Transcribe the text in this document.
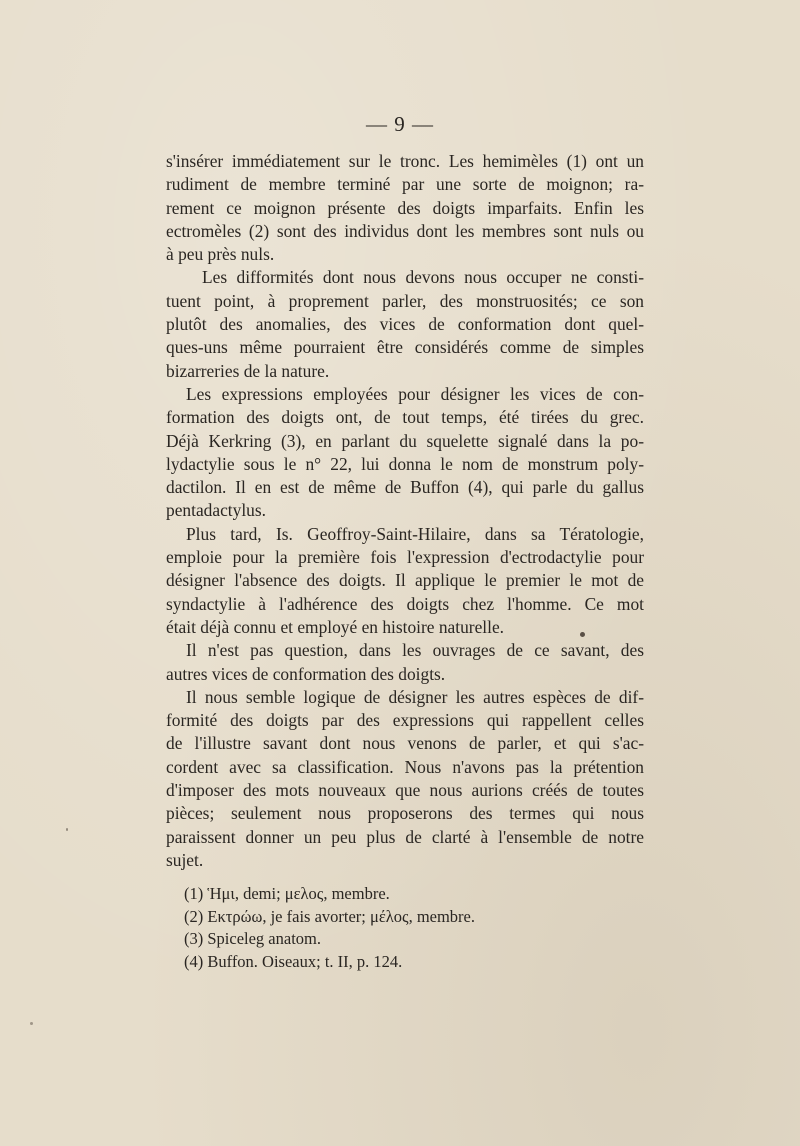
— 9 —
s'insérer immédiatement sur le tronc. Les hemimèles (1) ont un
rudiment de membre terminé par une sorte de moignon; ra-
rement ce moignon présente des doigts imparfaits. Enfin les
ectromèles (2) sont des individus dont les membres sont nuls ou
à peu près nuls.
Les difformités dont nous devons nous occuper ne consti-
tuent point, à proprement parler, des monstruosités; ce son
plutôt des anomalies, des vices de conformation dont quel-
ques-uns même pourraient être considérés comme de simples
bizarreries de la nature.
Les expressions employées pour désigner les vices de con-
formation des doigts ont, de tout temps, été tirées du grec.
Déjà Kerkring (3), en parlant du squelette signalé dans la po-
lydactylie sous le n° 22, lui donna le nom de monstrum poly-
dactilon. Il en est de même de Buffon (4), qui parle du gallus
pentadactylus.
Plus tard, Is. Geoffroy-Saint-Hilaire, dans sa Tératologie,
emploie pour la première fois l'expression d'ectrodactylie pour
désigner l'absence des doigts. Il applique le premier le mot de
syndactylie à l'adhérence des doigts chez l'homme. Ce mot
était déjà connu et employé en histoire naturelle.
Il n'est pas question, dans les ouvrages de ce savant, des
autres vices de conformation des doigts.
Il nous semble logique de désigner les autres espèces de dif-
formité des doigts par des expressions qui rappellent celles
de l'illustre savant dont nous venons de parler, et qui s'ac-
cordent avec sa classification. Nous n'avons pas la prétention
d'imposer des mots nouveaux que nous aurions créés de toutes
pièces; seulement nous proposerons des termes qui nous
paraissent donner un peu plus de clarté à l'ensemble de notre
sujet.
(1) Ἡμι, demi; μελος, membre.
(2) Εκτρώω, je fais avorter; μέλος, membre.
(3) Spiceleg anatom.
(4) Buffon. Oiseaux; t. II, p. 124.
